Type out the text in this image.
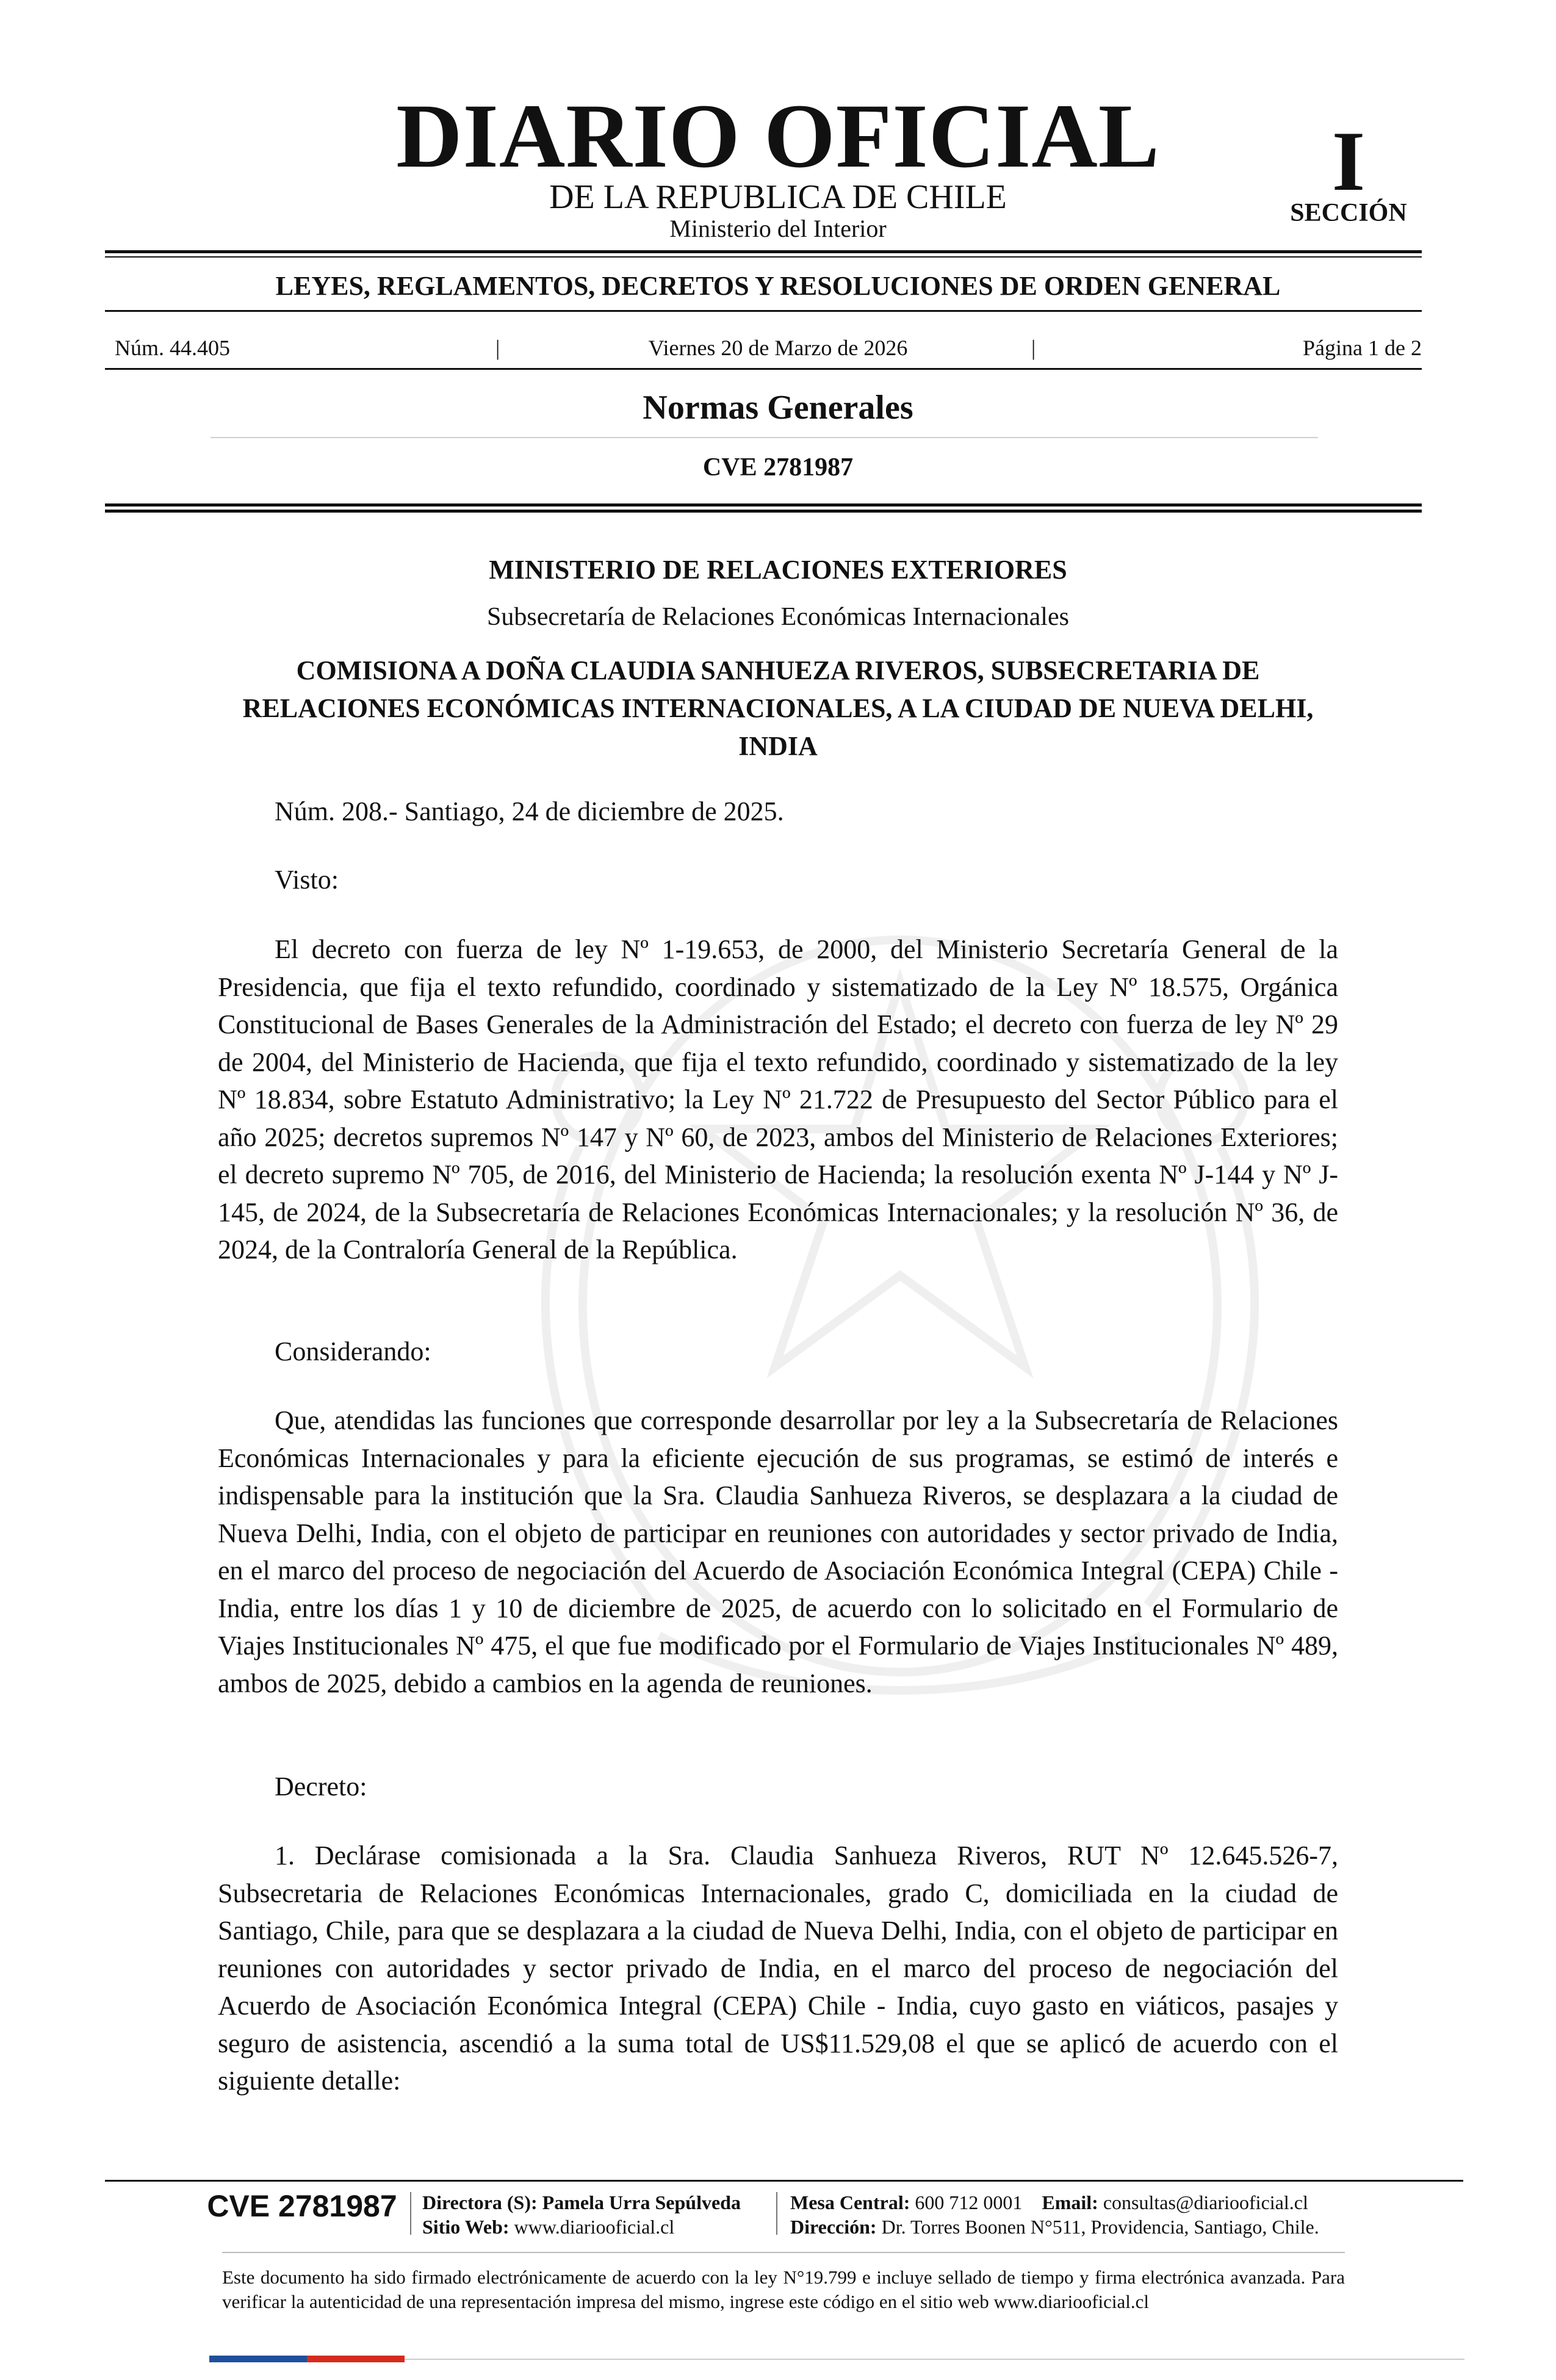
DIARIO OFICIAL
DE LA REPUBLICA DE CHILE
Ministerio del Interior
I
SECCIÓN
LEYES, REGLAMENTOS, DECRETOS Y RESOLUCIONES DE ORDEN GENERAL
Núm. 44.405	|	Viernes 20 de Marzo de 2026	|	Página 1 de 2
Normas Generales
CVE 2781987
MINISTERIO DE RELACIONES EXTERIORES
Subsecretaría de Relaciones Económicas Internacionales
COMISIONA A DOÑA CLAUDIA SANHUEZA RIVEROS, SUBSECRETARIA DE RELACIONES ECONÓMICAS INTERNACIONALES, A LA CIUDAD DE NUEVA DELHI, INDIA
Núm. 208.- Santiago, 24 de diciembre de 2025.
Visto:

El decreto con fuerza de ley Nº 1-19.653, de 2000, del Ministerio Secretaría General de la Presidencia, que fija el texto refundido, coordinado y sistematizado de la Ley Nº 18.575, Orgánica Constitucional de Bases Generales de la Administración del Estado; el decreto con fuerza de ley Nº 29 de 2004, del Ministerio de Hacienda, que fija el texto refundido, coordinado y sistematizado de la ley Nº 18.834, sobre Estatuto Administrativo; la Ley Nº 21.722 de Presupuesto del Sector Público para el año 2025; decretos supremos Nº 147 y Nº 60, de 2023, ambos del Ministerio de Relaciones Exteriores; el decreto supremo Nº 705, de 2016, del Ministerio de Hacienda; la resolución exenta Nº J-144 y Nº J-145, de 2024, de la Subsecretaría de Relaciones Económicas Internacionales; y la resolución Nº 36, de 2024, de la Contraloría General de la República.

Considerando:

Que, atendidas las funciones que corresponde desarrollar por ley a la Subsecretaría de Relaciones Económicas Internacionales y para la eficiente ejecución de sus programas, se estimó de interés e indispensable para la institución que la Sra. Claudia Sanhueza Riveros, se desplazara a la ciudad de Nueva Delhi, India, con el objeto de participar en reuniones con autoridades y sector privado de India, en el marco del proceso de negociación del Acuerdo de Asociación Económica Integral (CEPA) Chile - India, entre los días 1 y 10 de diciembre de 2025, de acuerdo con lo solicitado en el Formulario de Viajes Institucionales Nº 475, el que fue modificado por el Formulario de Viajes Institucionales Nº 489, ambos de 2025, debido a cambios en la agenda de reuniones.

Decreto:

1. Declárase comisionada a la Sra. Claudia Sanhueza Riveros, RUT Nº 12.645.526-7, Subsecretaria de Relaciones Económicas Internacionales, grado C, domiciliada en la ciudad de Santiago, Chile, para que se desplazara a la ciudad de Nueva Delhi, India, con el objeto de participar en reuniones con autoridades y sector privado de India, en el marco del proceso de negociación del Acuerdo de Asociación Económica Integral (CEPA) Chile - India, cuyo gasto en viáticos, pasajes y seguro de asistencia, ascendió a la suma total de US$11.529,08 el que se aplicó de acuerdo con el siguiente detalle:

CVE 2781987	Directora (S): Pamela Urra Sepúlveda
Sitio Web: www.diariooficial.cl
Mesa Central: 600 712 0001 Email: consultas@diariooficial.cl
Dirección: Dr. Torres Boonen N°511, Providencia, Santiago, Chile.

Este documento ha sido firmado electrónicamente de acuerdo con la ley N°19.799 e incluye sellado de tiempo y firma electrónica avanzada. Para verificar la autenticidad de una representación impresa del mismo, ingrese este código en el sitio web www.diariooficial.cl
